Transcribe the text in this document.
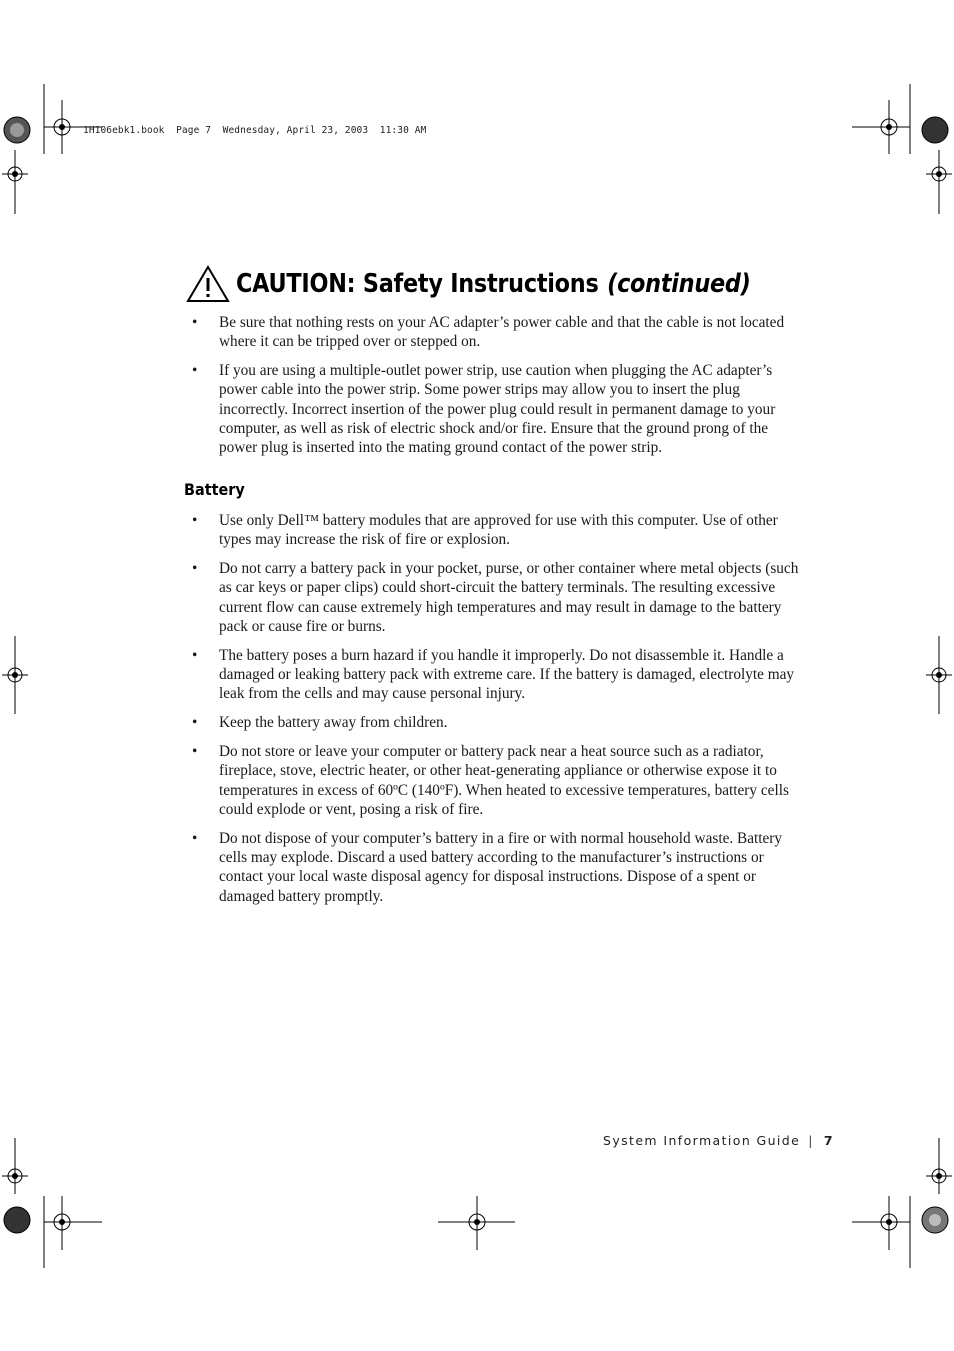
1H106ebk1.book  Page 7  Wednesday, April 23, 2003  11:30 AM
CAUTION: Safety Instructions (continued)
• Be sure that nothing rests on your AC adapter’s power cable and that the cable is not located where it can be tripped over or stepped on.
• If you are using a multiple-outlet power strip, use caution when plugging the AC adapter’s power cable into the power strip. Some power strips may allow you to insert the plug incorrectly. Incorrect insertion of the power plug could result in permanent damage to your computer, as well as risk of electric shock and/or fire. Ensure that the ground prong of the power plug is inserted into the mating ground contact of the power strip.
Battery
• Use only Dell™ battery modules that are approved for use with this computer. Use of other types may increase the risk of fire or explosion.
• Do not carry a battery pack in your pocket, purse, or other container where metal objects (such as car keys or paper clips) could short-circuit the battery terminals. The resulting excessive current flow can cause extremely high temperatures and may result in damage to the battery pack or cause fire or burns.
• The battery poses a burn hazard if you handle it improperly. Do not disassemble it. Handle a damaged or leaking battery pack with extreme care. If the battery is damaged, electrolyte may leak from the cells and may cause personal injury.
• Keep the battery away from children.
• Do not store or leave your computer or battery pack near a heat source such as a radiator, fireplace, stove, electric heater, or other heat-generating appliance or otherwise expose it to temperatures in excess of 60ºC (140ºF). When heated to excessive temperatures, battery cells could explode or vent, posing a risk of fire.
• Do not dispose of your computer’s battery in a fire or with normal household waste. Battery cells may explode. Discard a used battery according to the manufacturer’s instructions or contact your local waste disposal agency for disposal instructions. Dispose of a spent or damaged battery promptly.
System Information Guide | 7
